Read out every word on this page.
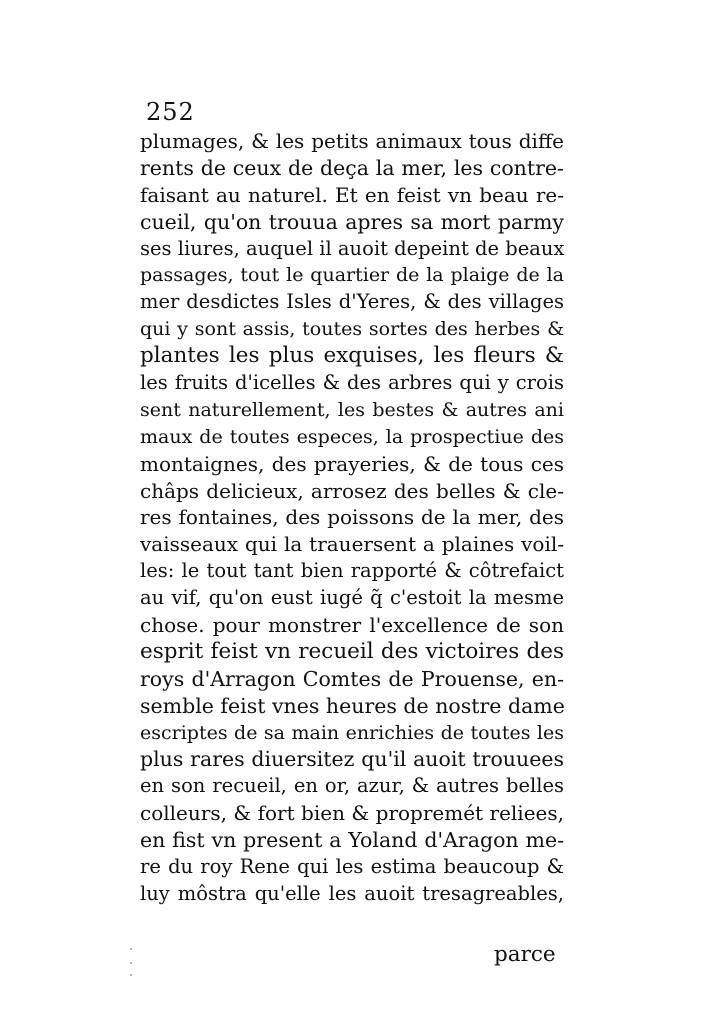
252
plumages, & les petits animaux tous diffe
rents de ceux de deça la mer, les contre-
faisant au naturel. Et en feist vn beau re-
cueil, qu'on trouua apres sa mort parmy
ses liures, auquel il auoit depeint de beaux
passages, tout le quartier de la plaige de la
mer desdictes Isles d'Yeres, & des villages
qui y sont assis, toutes sortes des herbes &
plantes les plus exquises, les fleurs &
les fruits d'icelles & des arbres qui y crois
sent naturellement, les bestes & autres ani
maux de toutes especes, la prospectiue des
montaignes, des prayeries, & de tous ces
châps delicieux, arrosez des belles & cle-
res fontaines, des poissons de la mer, des
vaisseaux qui la trauersent a plaines voil-
les: le tout tant bien rapporté & côtrefaict
au vif, qu'on eust iugé q̃ c'estoit la mesme
chose. pour monstrer l'excellence de son
esprit feist vn recueil des victoires des
roys d'Arragon Comtes de Prouense, en-
semble feist vnes heures de nostre dame
escriptes de sa main enrichies de toutes les
plus rares diuersitez qu'il auoit trouuees
en son recueil, en or, azur, & autres belles
colleurs, & fort bien & propremét reliees,
en fist vn present a Yoland d'Aragon me-
re du roy Rene qui les estima beaucoup &
luy môstra qu'elle les auoit tresagreables,
parce
